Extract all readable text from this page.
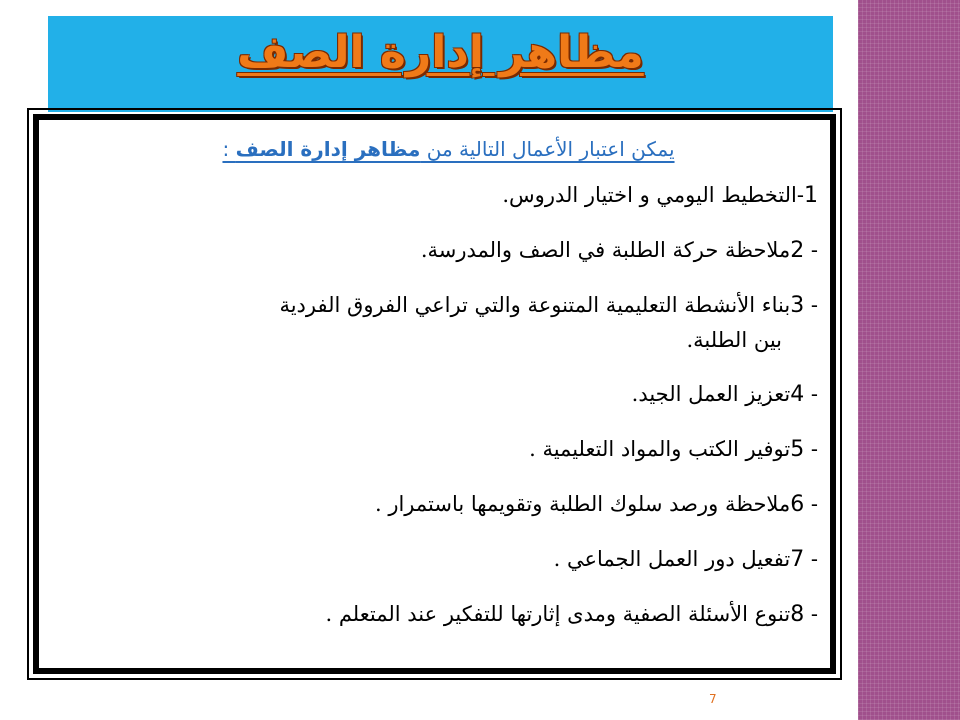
مظاهر إدارة الصف

يمكن اعتبار الأعمال التالية من مظاهر إدارة الصف :

1-التخطيط اليومي و اختيار الدروس.
- 2ملاحظة حركة الطلبة في الصف والمدرسة.
- 3بناء الأنشطة التعليمية المتنوعة والتي تراعي الفروق الفردية
بين الطلبة.
- 4تعزيز العمل الجيد.
- 5توفير الكتب والمواد التعليمية .
- 6ملاحظة ورصد سلوك الطلبة وتقويمها باستمرار .
- 7تفعيل دور العمل الجماعي .
- 8تنوع الأسئلة الصفية ومدى إثارتها للتفكير عند المتعلم .
7
